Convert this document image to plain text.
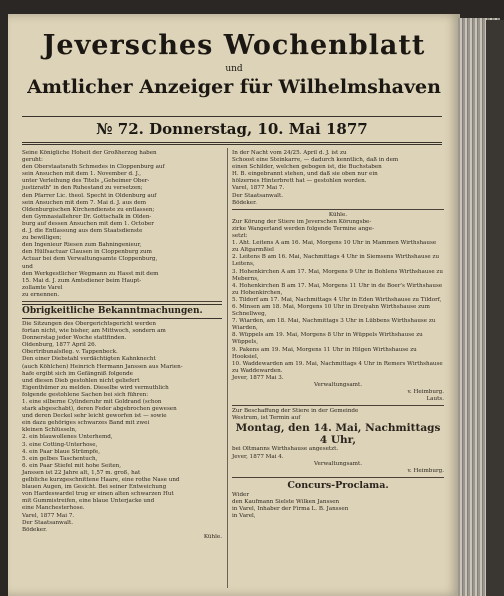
Jeversches Wochenblatt
und
Amtlicher Anzeiger für Wilhelmshaven
№ 72. Donnerstag, 10. Mai 1877

Seine Königliche Hoheit der Großherzog haben

geruht:

den Oberstaatsrath Schmedes in Cloppenburg auf

sein Ansuchen mit dem 1. November d. J.,

unter Verleihung des Titels „Geheimer Ober-

justizrath" in den Ruhestand zu versetzen;

den Pfarrer Lic. theol. Specht in Oldenburg auf

sein Ansuchen mit dem 7. Mai d. J. aus dem

Oldenburgischen Kirchendienste zu entlassen;

den Gymnasiallehrer Dr. Gottschalk in Olden-

burg auf dessen Ansuchen mit dem 1. October

d. J. die Entlassung aus dem Staatsdienste

zu bewilligen;

den Ingenieur Riesen zum Bahningenieur,

den Hülfsactuar Clausen in Cloppenburg zum

Actuar bei dem Verwaltungsamte Cloppenburg,

und

den Werkgestlicher Wegmann zu Hasst mit dem

15. Mai d. J. zum Amtsdiener beim Haupt-

zollamte Varel

zu ernennen.

Obrigkeitliche Bekanntmachungen.

Die Sitzungen des Obergerichtsgericht werden

fortan nicht, wie bisher, am Mittwoch, sondern am

Donnerstag jeder Woche stattfinden.

Oldenburg, 1877 April 26.

Obertribunalsfleg. v. Tappenbeck.

Den einer Diebstahl verdächtigten Kahnknecht

(auch Köhlchen) Heinrich Hermann Janssen aus Marien-

hafe ergibt sich im Gefängniß folgende

und diesen Dieb gestohlen nicht geliefert

Eigenthümer zu melden. Dieselbe wird vermuthlich

folgende gestohlene Sachen bei sich führen:

1. eine silberne Cylinderuhr mit Goldrand (schon

stark abgeschabt), deren Feder abgebrochen gewesen

und deren Deckel sehr leicht geworfen ist — sowie

ein dazu gehöriges schwarzes Band mit zwei

kleinen Schlüsseln,

2. ein blauwollenes Unterhemd,

3. eine Cotting-Unterhose,

4. ein Paar blaue Strümpfe,

5. ein gelbes Taschentuch,

6. ein Paar Stiefel mit hohe Seiten,

Janssen ist 22 Jahre alt, 1,57 m. groß, hat

gelbliche kurzgeschnittene Haare, eine rothe Nase und

blauen Augen, im Gesicht. Bei seiner Entweichung

von Hardeswardel trug er einen alten schwarzen Hut

mit Gummistreifen, eine blaue Unterjacke und

eine Manchesterhose.

Varel, 1877 Mai 7.

Der Staatsanwalt.

Bödeker.

Kühle.

In der Nacht vom 24/25. April d. J. ist zu

Schoost eine Steinkarre, — dadurch kenntlich, daß in dem

einen Schilder, welchen gebogen ist, die Buchstaben

H. B. eingebrannt stehen, und daß sie oben nur ein

hölzernes Hinterbrett hat — gestohlen worden.

Varel, 1877 Mai 7.

Der Staatsanwalt.

Bödeker.

Kühle.

Zur Körung der Stiere im Jeverschen Körungsbe-

zirke Wangerland werden folgende Termine ange-

setzt:

1. Aht. Leitens A am 16. Mai, Morgens 10 Uhr in Mammen Wirthshause zu Altgarmßiel

2. Leitens B am 16. Mai, Nachmittags 4 Uhr in Siemsens Wirthshause zu Leitens,

3. Hohenkirchen A am 17. Mai, Morgens 9 Uhr in Bohlens Wirthshause zu Meberns,

4. Hohenkirchen B am 17. Mai, Morgens 11 Uhr in de Boer's Wirthshause zu Hohenkirchen,

5. Tildorf am 17. Mai, Nachmittags 4 Uhr in Eden Wirthshause zu Tildorf,

6. Minsen am 18. Mai, Morgens 10 Uhr in Dreiyahn Wirthshause zum Schnellweg,

7. Wiarden, am 18. Mai, Nachmittags 3 Uhr in Lübbens Wirthshause zu Wiarden,

8. Wüppels am 19. Mai, Morgens 8 Uhr in Wüppels Wirthshause zu Wüppels,

9. Pakens am 19. Mai, Morgens 11 Uhr in Hilgen Wirthshause zu Hooksiel,

10. Waddewarden am 19. Mai, Nachmittags 4 Uhr in Remers Wirthshause zu Waddewarden.

Jever, 1877 Mai 3.
Verwaltungsamt.
v. Heimburg.
Lauts.

Zur Beschaffung der Stiere in der Gemeinde

Westrum, ist Termin auf

Montag, den 14. Mai, Nachmittags
4 Uhr,

bei Oltmanns Wirthshause angesetzt.

Jever, 1877 Mai 4.

Verwaltungsamt.
v. Heimburg.
Concurs-Proclama.

Wider

den Kaufmann Sielste Wilken Janssen

in Varel, Inhaber der Firma L. B. Janssen

in Varel,
